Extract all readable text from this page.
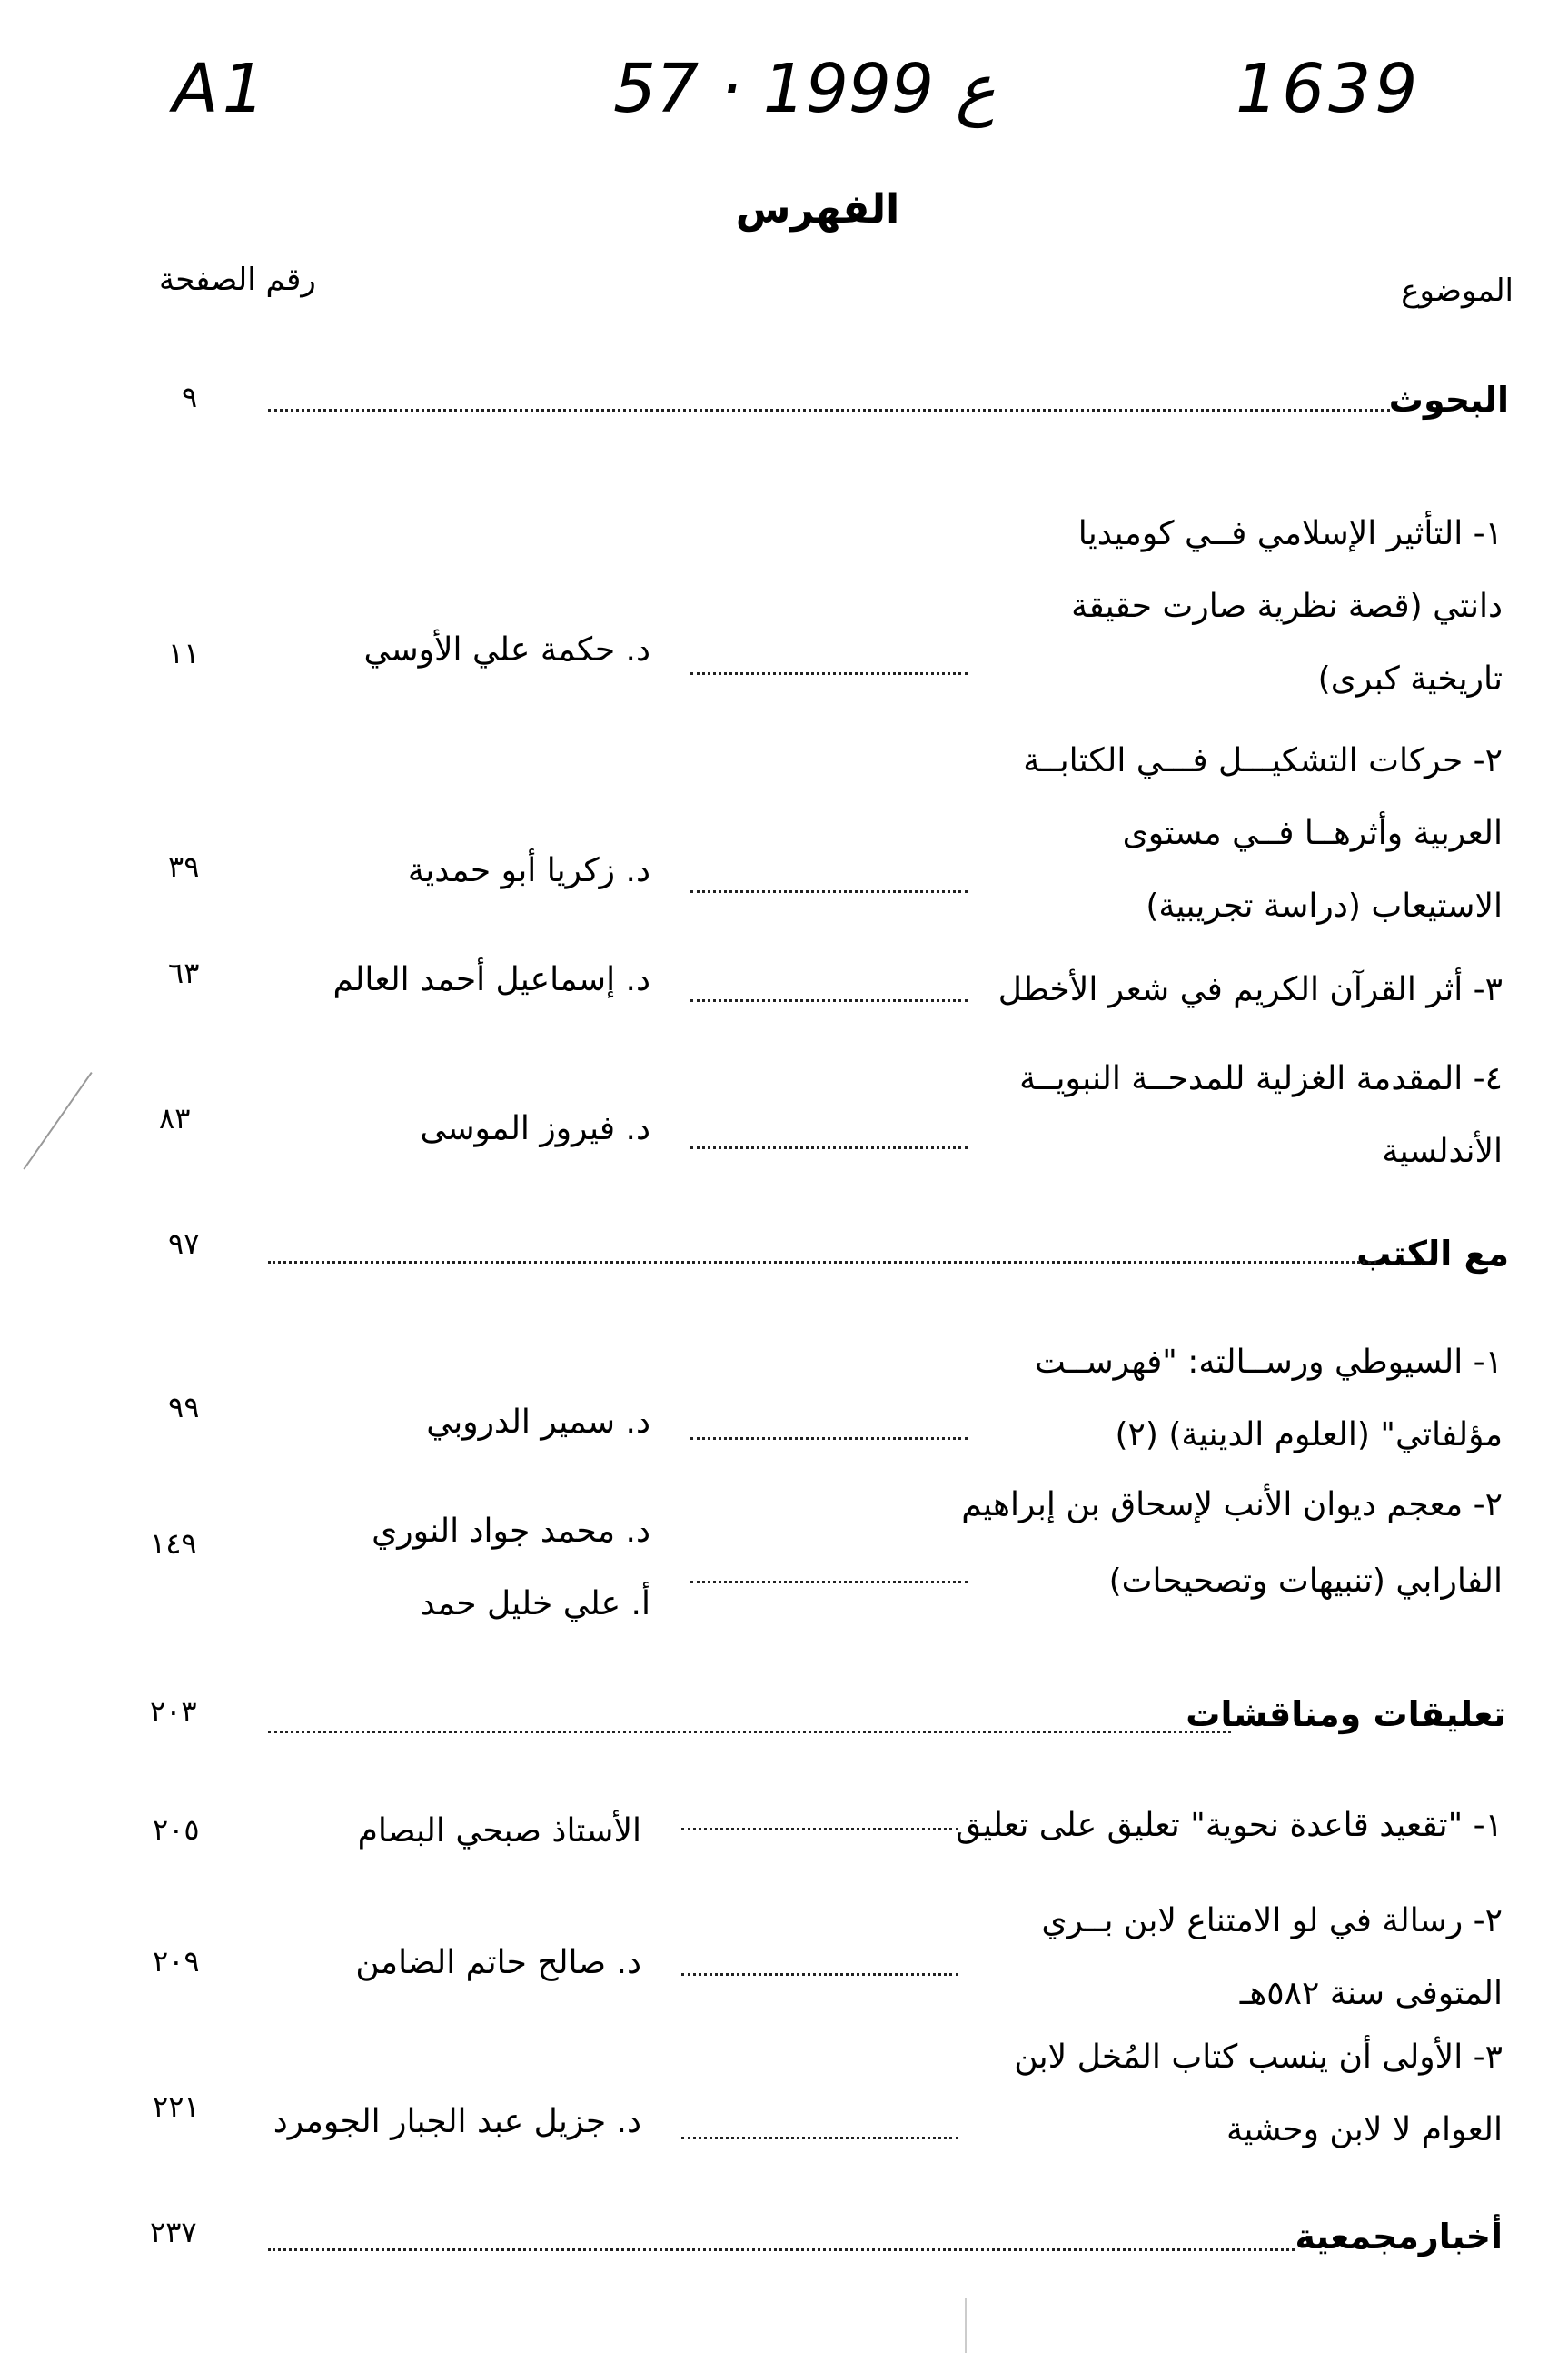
A1	57 · ع 1999	1639
الفهرس
الموضوع
رقم الصفحة
البحوث
٩
١- التأثير الإسلامي فــي كوميديا
دانتي (قصة نظرية صارت حقيقة
تاريخية كبرى)
د. حكمة علي الأوسي
١١
٢- حركات التشكيـــل فـــي الكتابــة
العربية وأثرهــا فــي مستوى
الاستيعاب (دراسة تجريبية)
د. زكريا أبو حمدية
٣٩
٣- أثر القرآن الكريم في شعر الأخطل
د. إسماعيل أحمد العالم
٦٣
٤- المقدمة الغزلية للمدحــة النبويــة
الأندلسية
د. فيروز الموسى
٨٣
مع الكتب
٩٧
١- السيوطي ورســالته: "فهرســت
مؤلفاتي" (العلوم الدينية) (٢)
د. سمير الدروبي
٩٩
٢- معجم ديوان الأنب لإسحاق بن إبراهيم
الفارابي (تنبيهات وتصحيحات)
د. محمد جواد النوري
أ. علي خليل حمد
١٤٩
تعليقات ومناقشات
٢٠٣
١- "تقعيد قاعدة نحوية" تعليق على تعليق
الأستاذ صبحي البصام
٢٠٥
٢- رسالة في لو الامتناع لابن بــري
المتوفى سنة ٥٨٢هـ
د. صالح حاتم الضامن
٢٠٩
٣- الأولى أن ينسب كتاب المُخل لابن
العوام لا لابن وحشية
د. جزيل عبد الجبار الجومرد
٢٢١
أخبارمجمعية
٢٣٧
